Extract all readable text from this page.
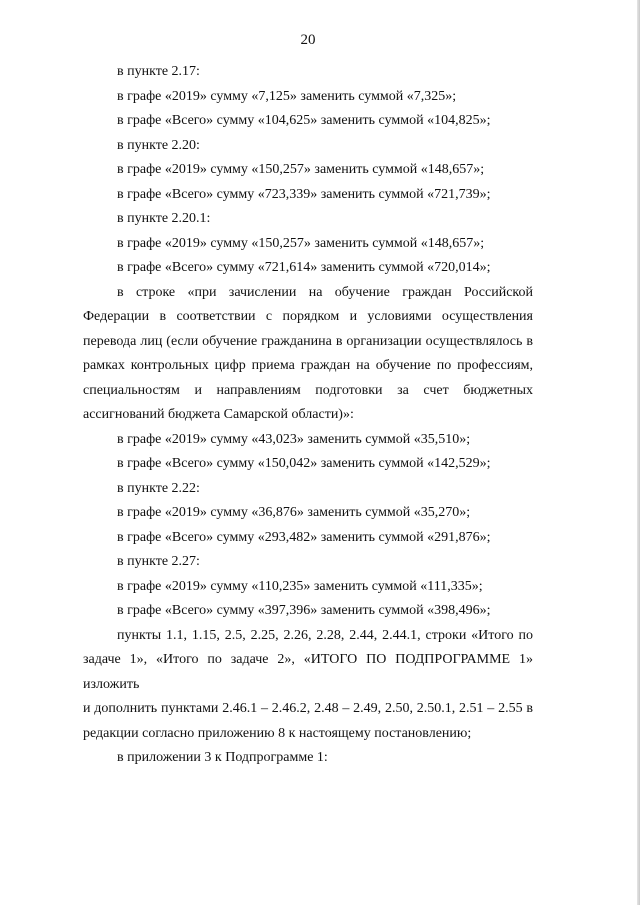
20
в пункте 2.17:
в графе «2019» сумму «7,125» заменить суммой «7,325»;
в графе «Всего» сумму «104,625» заменить суммой «104,825»;
в пункте 2.20:
в графе «2019» сумму «150,257» заменить суммой «148,657»;
в графе «Всего» сумму «723,339» заменить суммой «721,739»;
в пункте 2.20.1:
в графе «2019» сумму «150,257» заменить суммой «148,657»;
в графе «Всего» сумму «721,614» заменить суммой «720,014»;
в строке «при зачислении на обучение граждан Российской
Федерации в соответствии с порядком и условиями осуществления
перевода лиц (если обучение гражданина в организации осуществлялось в
рамках контрольных цифр приема граждан на обучение по профессиям,
специальностям и направлениям подготовки за счет бюджетных
ассигнований бюджета Самарской области)»:
в графе «2019» сумму «43,023» заменить суммой «35,510»;
в графе «Всего» сумму «150,042» заменить суммой «142,529»;
в пункте 2.22:
в графе «2019» сумму «36,876» заменить суммой «35,270»;
в графе «Всего» сумму «293,482» заменить суммой «291,876»;
в пункте 2.27:
в графе «2019» сумму «110,235» заменить суммой «111,335»;
в графе «Всего» сумму «397,396» заменить суммой «398,496»;
пункты 1.1, 1.15, 2.5, 2.25, 2.26, 2.28, 2.44, 2.44.1, строки «Итого по
задаче 1», «Итого по задаче 2», «ИТОГО ПО ПОДПРОГРАММЕ 1» изложить
и дополнить пунктами 2.46.1 – 2.46.2, 2.48 – 2.49, 2.50, 2.50.1, 2.51 – 2.55 в
редакции согласно приложению 8 к настоящему постановлению;
в приложении 3 к Подпрограмме 1:
